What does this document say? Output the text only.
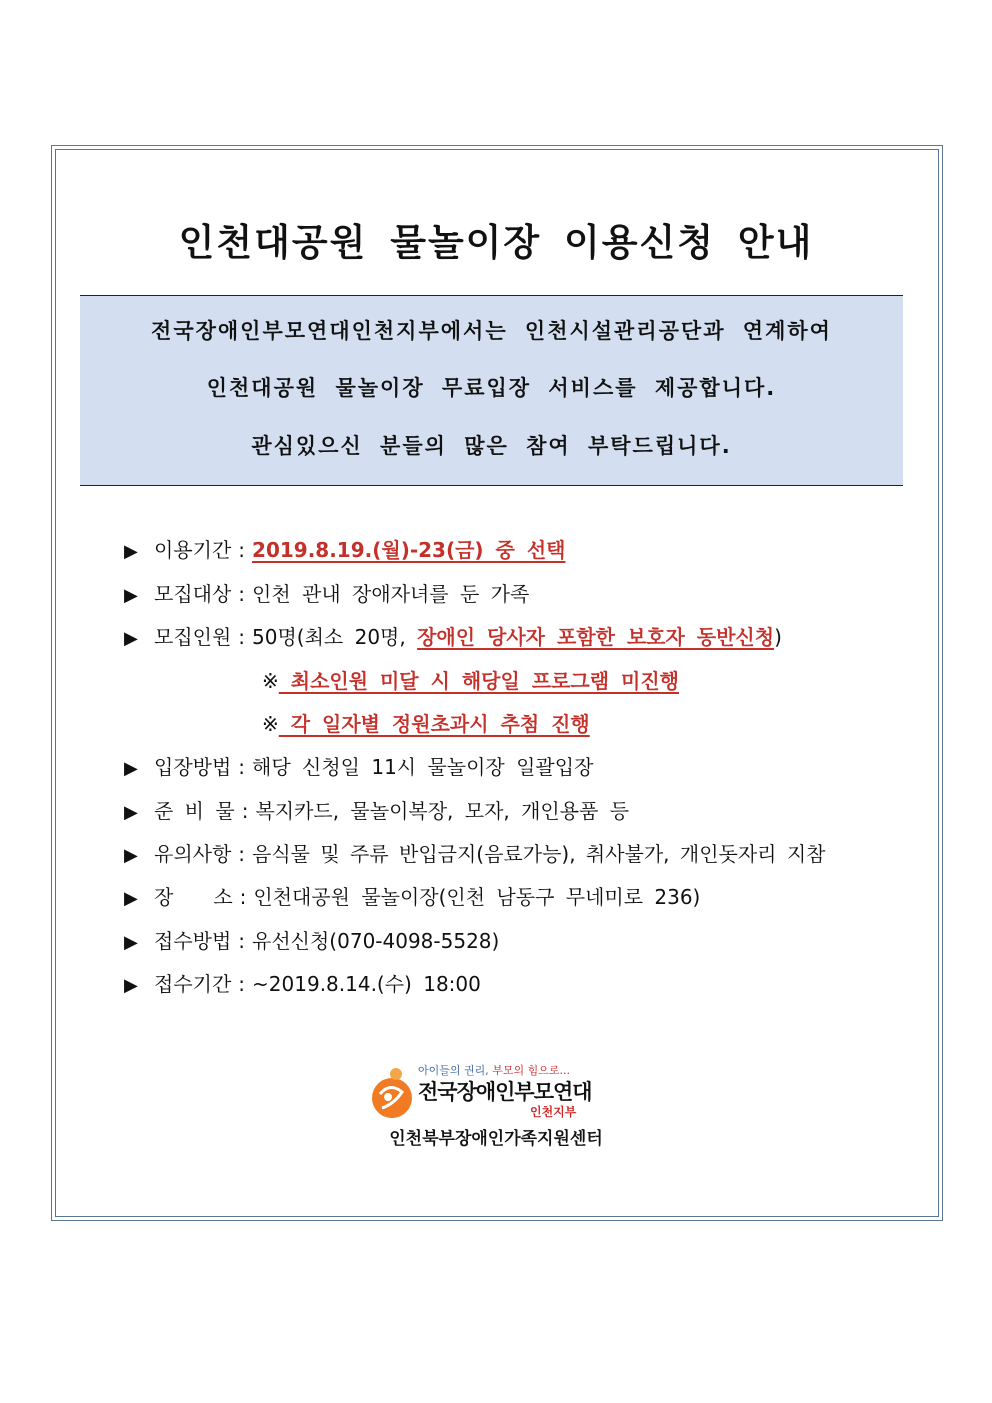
인천대공원 물놀이장 이용신청 안내
전국장애인부모연대인천지부에서는 인천시설관리공단과 연계하여
인천대공원 물놀이장 무료입장 서비스를 제공합니다.
관심있으신 분들의 많은 참여 부탁드립니다.
▶ 이용기간 : 2019.8.19.(월)-23(금) 중 선택
▶ 모집대상 : 인천 관내 장애자녀를 둔 가족
▶ 모집인원 : 50명(최소 20명, 장애인 당사자 포함한 보호자 동반신청)
※ 최소인원 미달 시 해당일 프로그램 미진행
※ 각 일자별 정원초과시 추첨 진행
▶ 입장방법 : 해당 신청일 11시 물놀이장 일괄입장
▶ 준 비 물 : 복지카드, 물놀이복장, 모자, 개인용품 등
▶ 유의사항 : 음식물 및 주류 반입금지(음료가능), 취사불가, 개인돗자리 지참
▶ 장　　소 : 인천대공원 물놀이장(인천 남동구 무네미로 236)
▶ 접수방법 : 유선신청(070-4098-5528)
▶ 접수기간 : ~2019.8.14.(수) 18:00
아이들의 권리, 부모의 힘으로...
전국장애인부모연대
인천지부
인천북부장애인가족지원센터
